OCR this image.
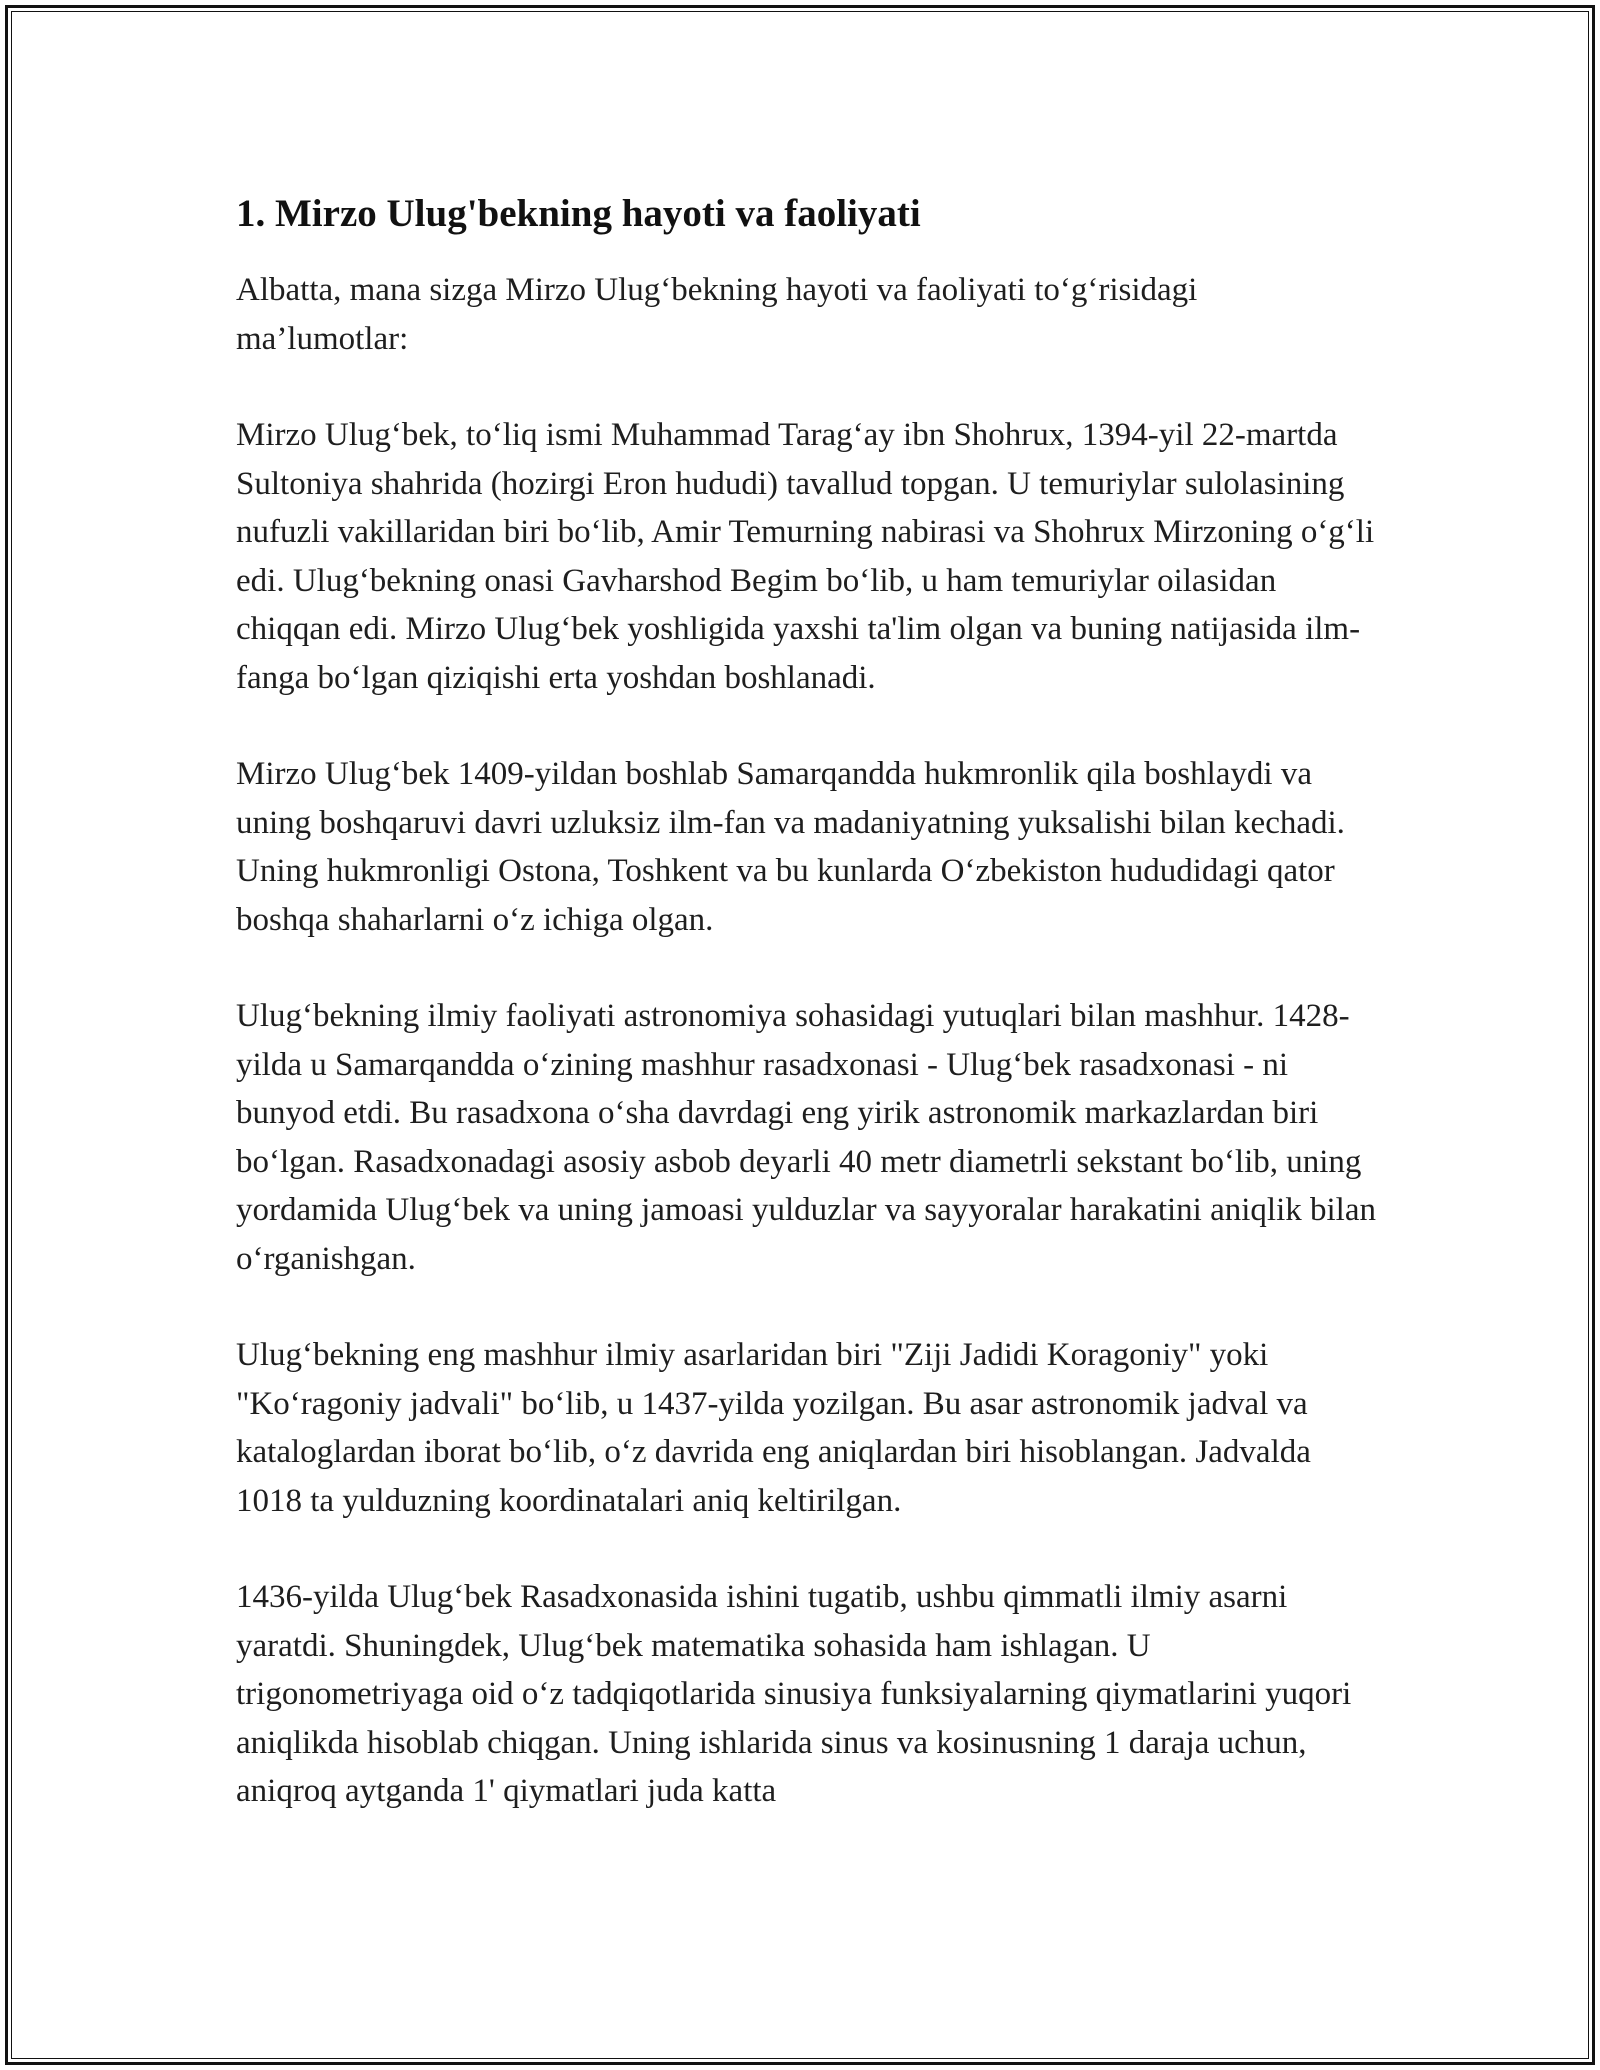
1. Mirzo Ulug'bekning hayoti va faoliyati

Albatta, mana sizga Mirzo Ulug‘bekning hayoti va faoliyati to‘g‘risidagi ma’lumotlar:

Mirzo Ulug‘bek, to‘liq ismi Muhammad Tarag‘ay ibn Shohrux, 1394-yil 22-martda Sultoniya shahrida (hozirgi Eron hududi) tavallud topgan. U temuriylar sulolasining nufuzli vakillaridan biri bo‘lib, Amir Temurning nabirasi va Shohrux Mirzoning o‘g‘li edi. Ulug‘bekning onasi Gavharshod Begim bo‘lib, u ham temuriylar oilasidan chiqqan edi. Mirzo Ulug‘bek yoshligida yaxshi ta'lim olgan va buning natijasida ilm-fanga bo‘lgan qiziqishi erta yoshdan boshlanadi.

Mirzo Ulug‘bek 1409-yildan boshlab Samarqandda hukmronlik qila boshlaydi va uning boshqaruvi davri uzluksiz ilm-fan va madaniyatning yuksalishi bilan kechadi. Uning hukmronligi Ostona, Toshkent va bu kunlarda O‘zbekiston hududidagi qator boshqa shaharlarni o‘z ichiga olgan.

Ulug‘bekning ilmiy faoliyati astronomiya sohasidagi yutuqlari bilan mashhur. 1428-yilda u Samarqandda o‘zining mashhur rasadxonasi - Ulug‘bek rasadxonasi - ni bunyod etdi. Bu rasadxona o‘sha davrdagi eng yirik astronomik markazlardan biri bo‘lgan. Rasadxonadagi asosiy asbob deyarli 40 metr diametrli sekstant bo‘lib, uning yordamida Ulug‘bek va uning jamoasi yulduzlar va sayyoralar harakatini aniqlik bilan o‘rganishgan.

Ulug‘bekning eng mashhur ilmiy asarlaridan biri "Ziji Jadidi Koragoniy" yoki "Ko‘ragoniy jadvali" bo‘lib, u 1437-yilda yozilgan. Bu asar astronomik jadval va kataloglardan iborat bo‘lib, o‘z davrida eng aniqlardan biri hisoblangan. Jadvalda 1018 ta yulduzning koordinatalari aniq keltirilgan.

1436-yilda Ulug‘bek Rasadxonasida ishini tugatib, ushbu qimmatli ilmiy asarni yaratdi. Shuningdek, Ulug‘bek matematika sohasida ham ishlagan. U trigonometriyaga oid o‘z tadqiqotlarida sinusiya funksiyalarning qiymatlarini yuqori aniqlikda hisoblab chiqgan. Uning ishlarida sinus va kosinusning 1 daraja uchun, aniqroq aytganda 1' qiymatlari juda katta
